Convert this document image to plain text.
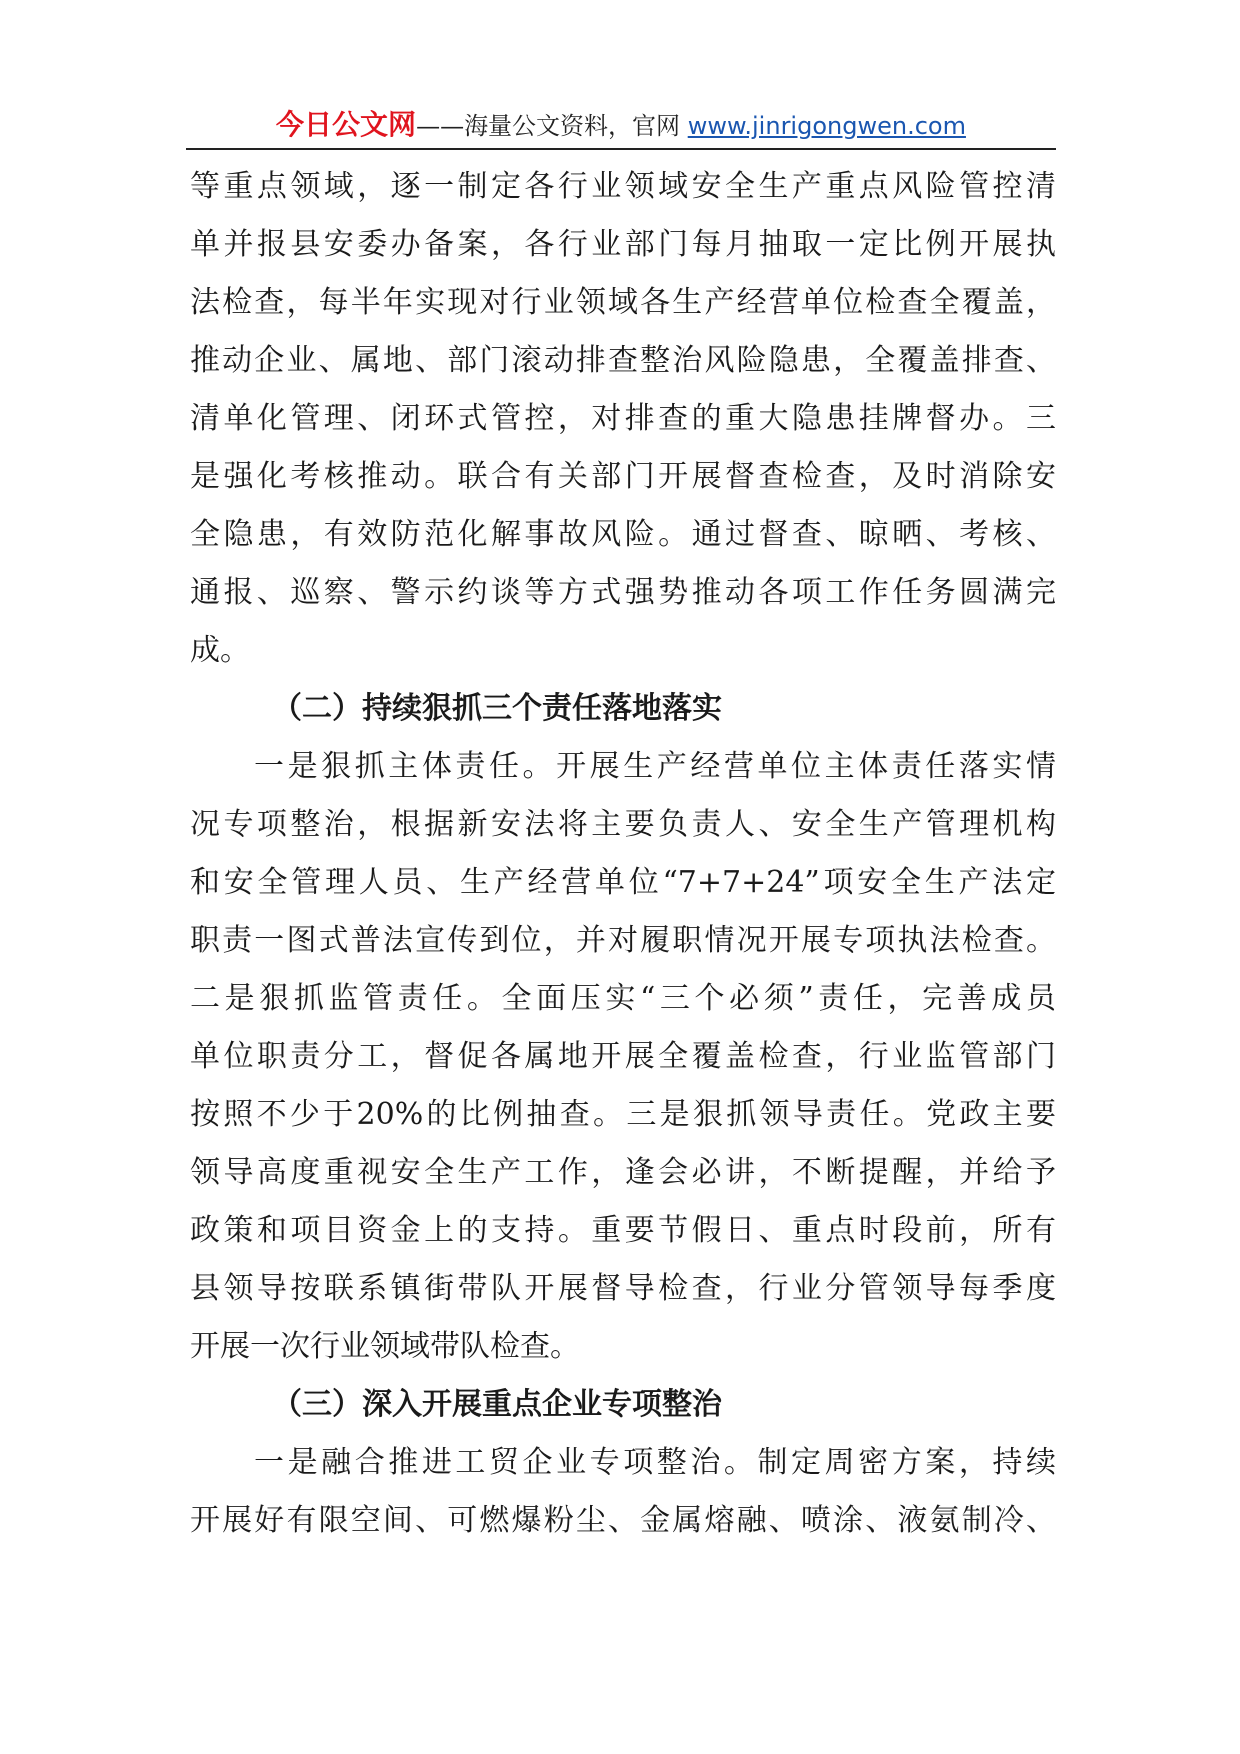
今日公文网——海量公文资料，官网 www.jinrigongwen.com
等重点领域，逐一制定各行业领域安全生产重点风险管控清
单并报县安委办备案，各行业部门每月抽取一定比例开展执
法检查，每半年实现对行业领域各生产经营单位检查全覆盖，
推动企业、属地、部门滚动排查整治风险隐患，全覆盖排查、
清单化管理、闭环式管控，对排查的重大隐患挂牌督办。三
是强化考核推动。联合有关部门开展督查检查，及时消除安
全隐患，有效防范化解事故风险。通过督查、晾晒、考核、
通报、巡察、警示约谈等方式强势推动各项工作任务圆满完
成。
（二）持续狠抓三个责任落地落实
一是狠抓主体责任。开展生产经营单位主体责任落实情
况专项整治，根据新安法将主要负责人、安全生产管理机构
和安全管理人员、生产经营单位“7+7+24”项安全生产法定
职责一图式普法宣传到位，并对履职情况开展专项执法检查。
二是狠抓监管责任。全面压实“三个必须”责任，完善成员
单位职责分工，督促各属地开展全覆盖检查，行业监管部门
按照不少于20%的比例抽查。三是狠抓领导责任。党政主要
领导高度重视安全生产工作，逢会必讲，不断提醒，并给予
政策和项目资金上的支持。重要节假日、重点时段前，所有
县领导按联系镇街带队开展督导检查，行业分管领导每季度
开展一次行业领域带队检查。
（三）深入开展重点企业专项整治
一是融合推进工贸企业专项整治。制定周密方案，持续
开展好有限空间、可燃爆粉尘、金属熔融、喷涂、液氨制冷、
